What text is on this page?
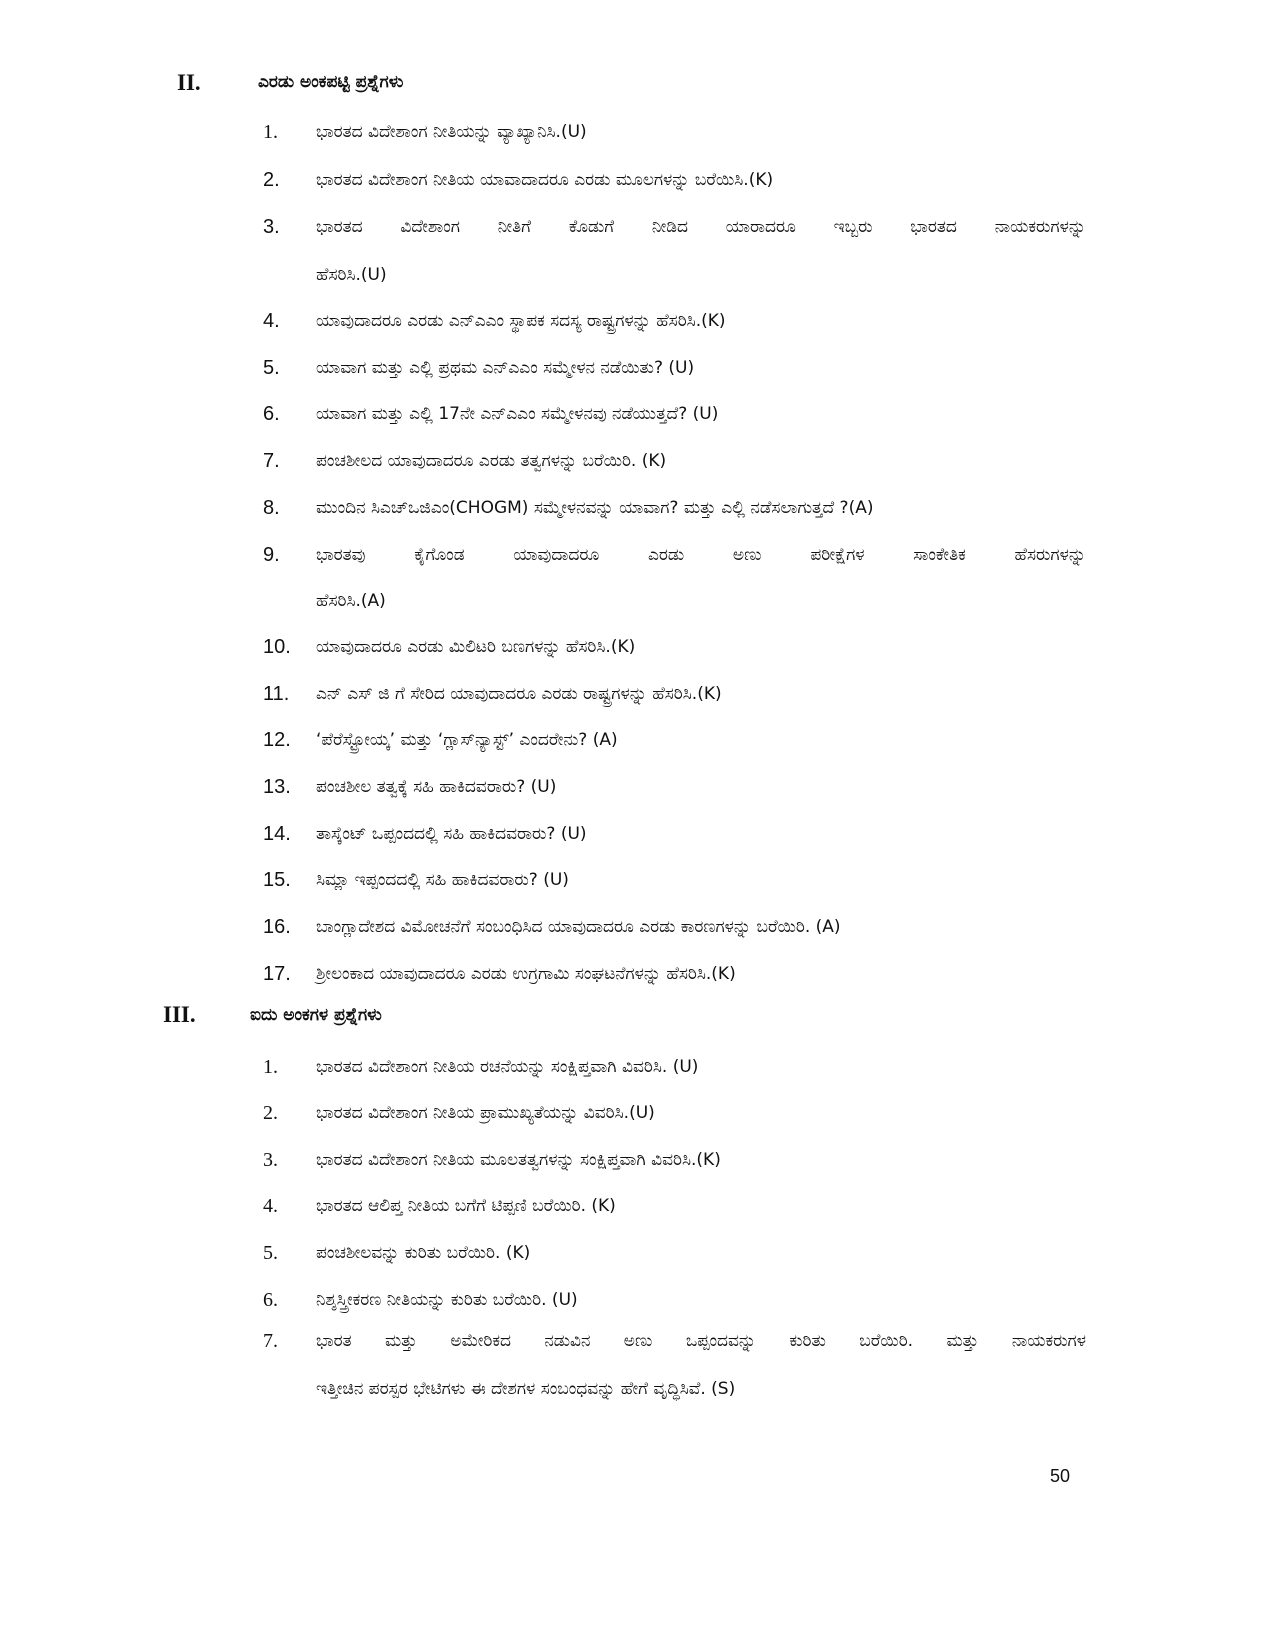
II.	ಎರಡು ಅಂಕಪಟ್ಟಿ ಪ್ರಶ್ನೆಗಳು
1. ಭಾರತದ ವಿದೇಶಾಂಗ ನೀತಿಯನ್ನು ವ್ಯಾಖ್ಯಾನಿಸಿ.(U)
2. ಭಾರತದ ವಿದೇಶಾಂಗ ನೀತಿಯ ಯಾವಾದಾದರೂ ಎರಡು ಮೂಲಗಳನ್ನು ಬರೆಯಿಸಿ.(K)
3. ಭಾರತದ ವಿದೇಶಾಂಗ ನೀತಿಗೆ ಕೊಡುಗೆ ನೀಡಿದ ಯಾರಾದರೂ ಇಬ್ಬರು ಭಾರತದ ನಾಯಕರುಗಳನ್ನು
ಹೆಸರಿಸಿ.(U)
4. ಯಾವುದಾದರೂ ಎರಡು ಎನ್‌ಎಎಂ ಸ್ಥಾಪಕ ಸದಸ್ಯ ರಾಷ್ಟ್ರಗಳನ್ನು ಹೆಸರಿಸಿ.(K)
5. ಯಾವಾಗ ಮತ್ತು ಎಲ್ಲಿ ಪ್ರಥಮ ಎನ್‌ಎಎಂ ಸಮ್ಮೇಳನ ನಡೆಯಿತು? (U)
6. ಯಾವಾಗ ಮತ್ತು ಎಲ್ಲಿ 17ನೇ ಎನ್‌ಎಎಂ ಸಮ್ಮೇಳನವು ನಡೆಯುತ್ತದೆ? (U)
7. ಪಂಚಶೀಲದ ಯಾವುದಾದರೂ ಎರಡು ತತ್ವಗಳನ್ನು ಬರೆಯಿರಿ. (K)
8. ಮುಂದಿನ ಸಿಎಚ್‌ಒಜಿಎಂ(CHOGM) ಸಮ್ಮೇಳನವನ್ನು ಯಾವಾಗ? ಮತ್ತು ಎಲ್ಲಿ ನಡೆಸಲಾಗುತ್ತದೆ ?(A)
9. ಭಾರತವು ಕೈಗೊಂಡ ಯಾವುದಾದರೂ ಎರಡು ಅಣು ಪರೀಕ್ಷೆಗಳ ಸಾಂಕೇತಿಕ ಹೆಸರುಗಳನ್ನು
ಹೆಸರಿಸಿ.(A)
10. ಯಾವುದಾದರೂ ಎರಡು ಮಿಲಿಟರಿ ಬಣಗಳನ್ನು ಹೆಸರಿಸಿ.(K)
11. ಎನ್ ಎಸ್ ಜಿ ಗೆ ಸೇರಿದ ಯಾವುದಾದರೂ ಎರಡು ರಾಷ್ಟ್ರಗಳನ್ನು ಹೆಸರಿಸಿ.(K)
12. ‘ಪೆರೆಸ್ಟ್ರೋಯ್ಕ’ ಮತ್ತು ‘ಗ್ಲಾಸ್‌ನ್ಯಾಸ್ಟ್’ ಎಂದರೇನು? (A)
13. ಪಂಚಶೀಲ ತತ್ವಕ್ಕೆ ಸಹಿ ಹಾಕಿದವರಾರು? (U)
14. ತಾಸ್ಕೆಂಟ್ ಒಪ್ಪಂದದಲ್ಲಿ ಸಹಿ ಹಾಕಿದವರಾರು? (U)
15. ಸಿಮ್ಲಾ ಇಪ್ಪಂದದಲ್ಲಿ ಸಹಿ ಹಾಕಿದವರಾರು? (U)
16. ಬಾಂಗ್ಲಾದೇಶದ ವಿಮೋಚನೆಗೆ ಸಂಬಂಧಿಸಿದ ಯಾವುದಾದರೂ ಎರಡು ಕಾರಣಗಳನ್ನು ಬರೆಯಿರಿ. (A)
17. ಶ್ರೀಲಂಕಾದ ಯಾವುದಾದರೂ ಎರಡು ಉಗ್ರಗಾಮಿ ಸಂಘಟನೆಗಳನ್ನು ಹೆಸರಿಸಿ.(K)
III.	ಐದು ಅಂಕಗಳ ಪ್ರಶ್ನೆಗಳು
1. ಭಾರತದ ವಿದೇಶಾಂಗ ನೀತಿಯ ರಚನೆಯನ್ನು ಸಂಕ್ಷಿಪ್ತವಾಗಿ ವಿವರಿಸಿ. (U)
2. ಭಾರತದ ವಿದೇಶಾಂಗ ನೀತಿಯ ಪ್ರಾಮುಖ್ಯತೆಯನ್ನು ವಿವರಿಸಿ.(U)
3. ಭಾರತದ ವಿದೇಶಾಂಗ ನೀತಿಯ ಮೂಲತತ್ವಗಳನ್ನು ಸಂಕ್ಷಿಪ್ತವಾಗಿ ವಿವರಿಸಿ.(K)
4. ಭಾರತದ ಆಲಿಪ್ತ ನೀತಿಯ ಬಗೆಗೆ ಟಿಪ್ಪಣಿ ಬರೆಯಿರಿ. (K)
5. ಪಂಚಶೀಲವನ್ನು ಕುರಿತು ಬರೆಯಿರಿ. (K)
6. ನಿಶ್ಶಸ್ತ್ರೀಕರಣ ನೀತಿಯನ್ನು ಕುರಿತು ಬರೆಯಿರಿ. (U)
7. ಭಾರತ ಮತ್ತು ಅಮೇರಿಕದ ನಡುವಿನ ಅಣು ಒಪ್ಪಂದವನ್ನು ಕುರಿತು ಬರೆಯಿರಿ. ಮತ್ತು ನಾಯಕರುಗಳ
ಇತ್ತೀಚಿನ ಪರಸ್ಪರ ಭೇಟಿಗಳು ಈ ದೇಶಗಳ ಸಂಬಂಧವನ್ನು ಹೇಗೆ ವೃದ್ಧಿಸಿವೆ. (S)
50
